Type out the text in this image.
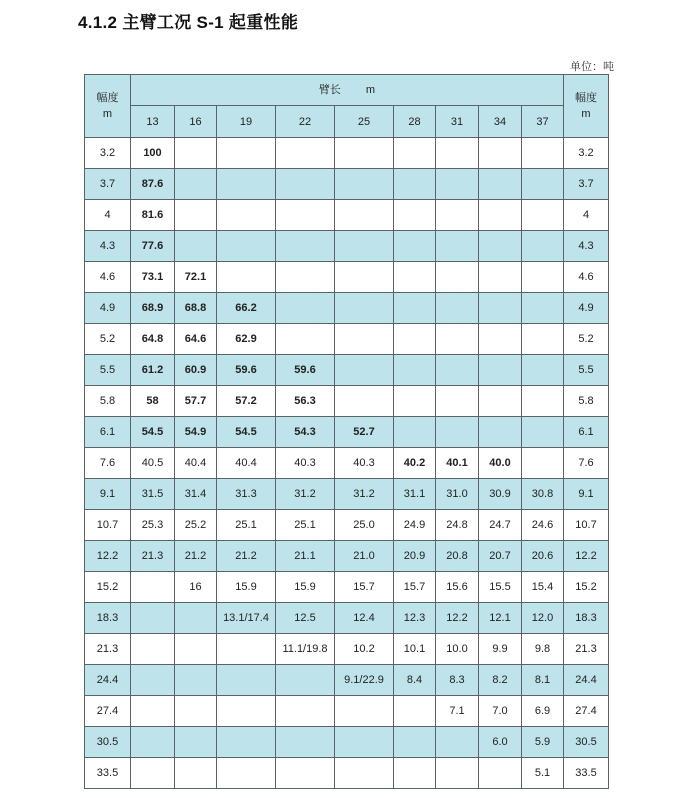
4.1.2 主臂工况 S-1 起重性能
单位：吨
幅度
m	臂长 　　m									幅度
m
	13	16	19	22	25	28	31	34	37	
3.2	100									3.2
3.7	87.6									3.7
4	81.6									4
4.3	77.6									4.3
4.6	73.1	72.1								4.6
4.9	68.9	68.8	66.2							4.9
5.2	64.8	64.6	62.9							5.2
5.5	61.2	60.9	59.6	59.6						5.5
5.8	58	57.7	57.2	56.3						5.8
6.1	54.5	54.9	54.5	54.3	52.7					6.1
7.6	40.5	40.4	40.4	40.3	40.3	40.2	40.1	40.0		7.6
9.1	31.5	31.4	31.3	31.2	31.2	31.1	31.0	30.9	30.8	9.1
10.7	25.3	25.2	25.1	25.1	25.0	24.9	24.8	24.7	24.6	10.7
12.2	21.3	21.2	21.2	21.1	21.0	20.9	20.8	20.7	20.6	12.2
15.2		16	15.9	15.9	15.7	15.7	15.6	15.5	15.4	15.2
18.3			13.1/17.4	12.5	12.4	12.3	12.2	12.1	12.0	18.3
21.3				11.1/19.8	10.2	10.1	10.0	9.9	9.8	21.3
24.4					9.1/22.9	8.4	8.3	8.2	8.1	24.4
27.4							7.1	7.0	6.9	27.4
30.5								6.0	5.9	30.5
33.5									5.1	33.5
